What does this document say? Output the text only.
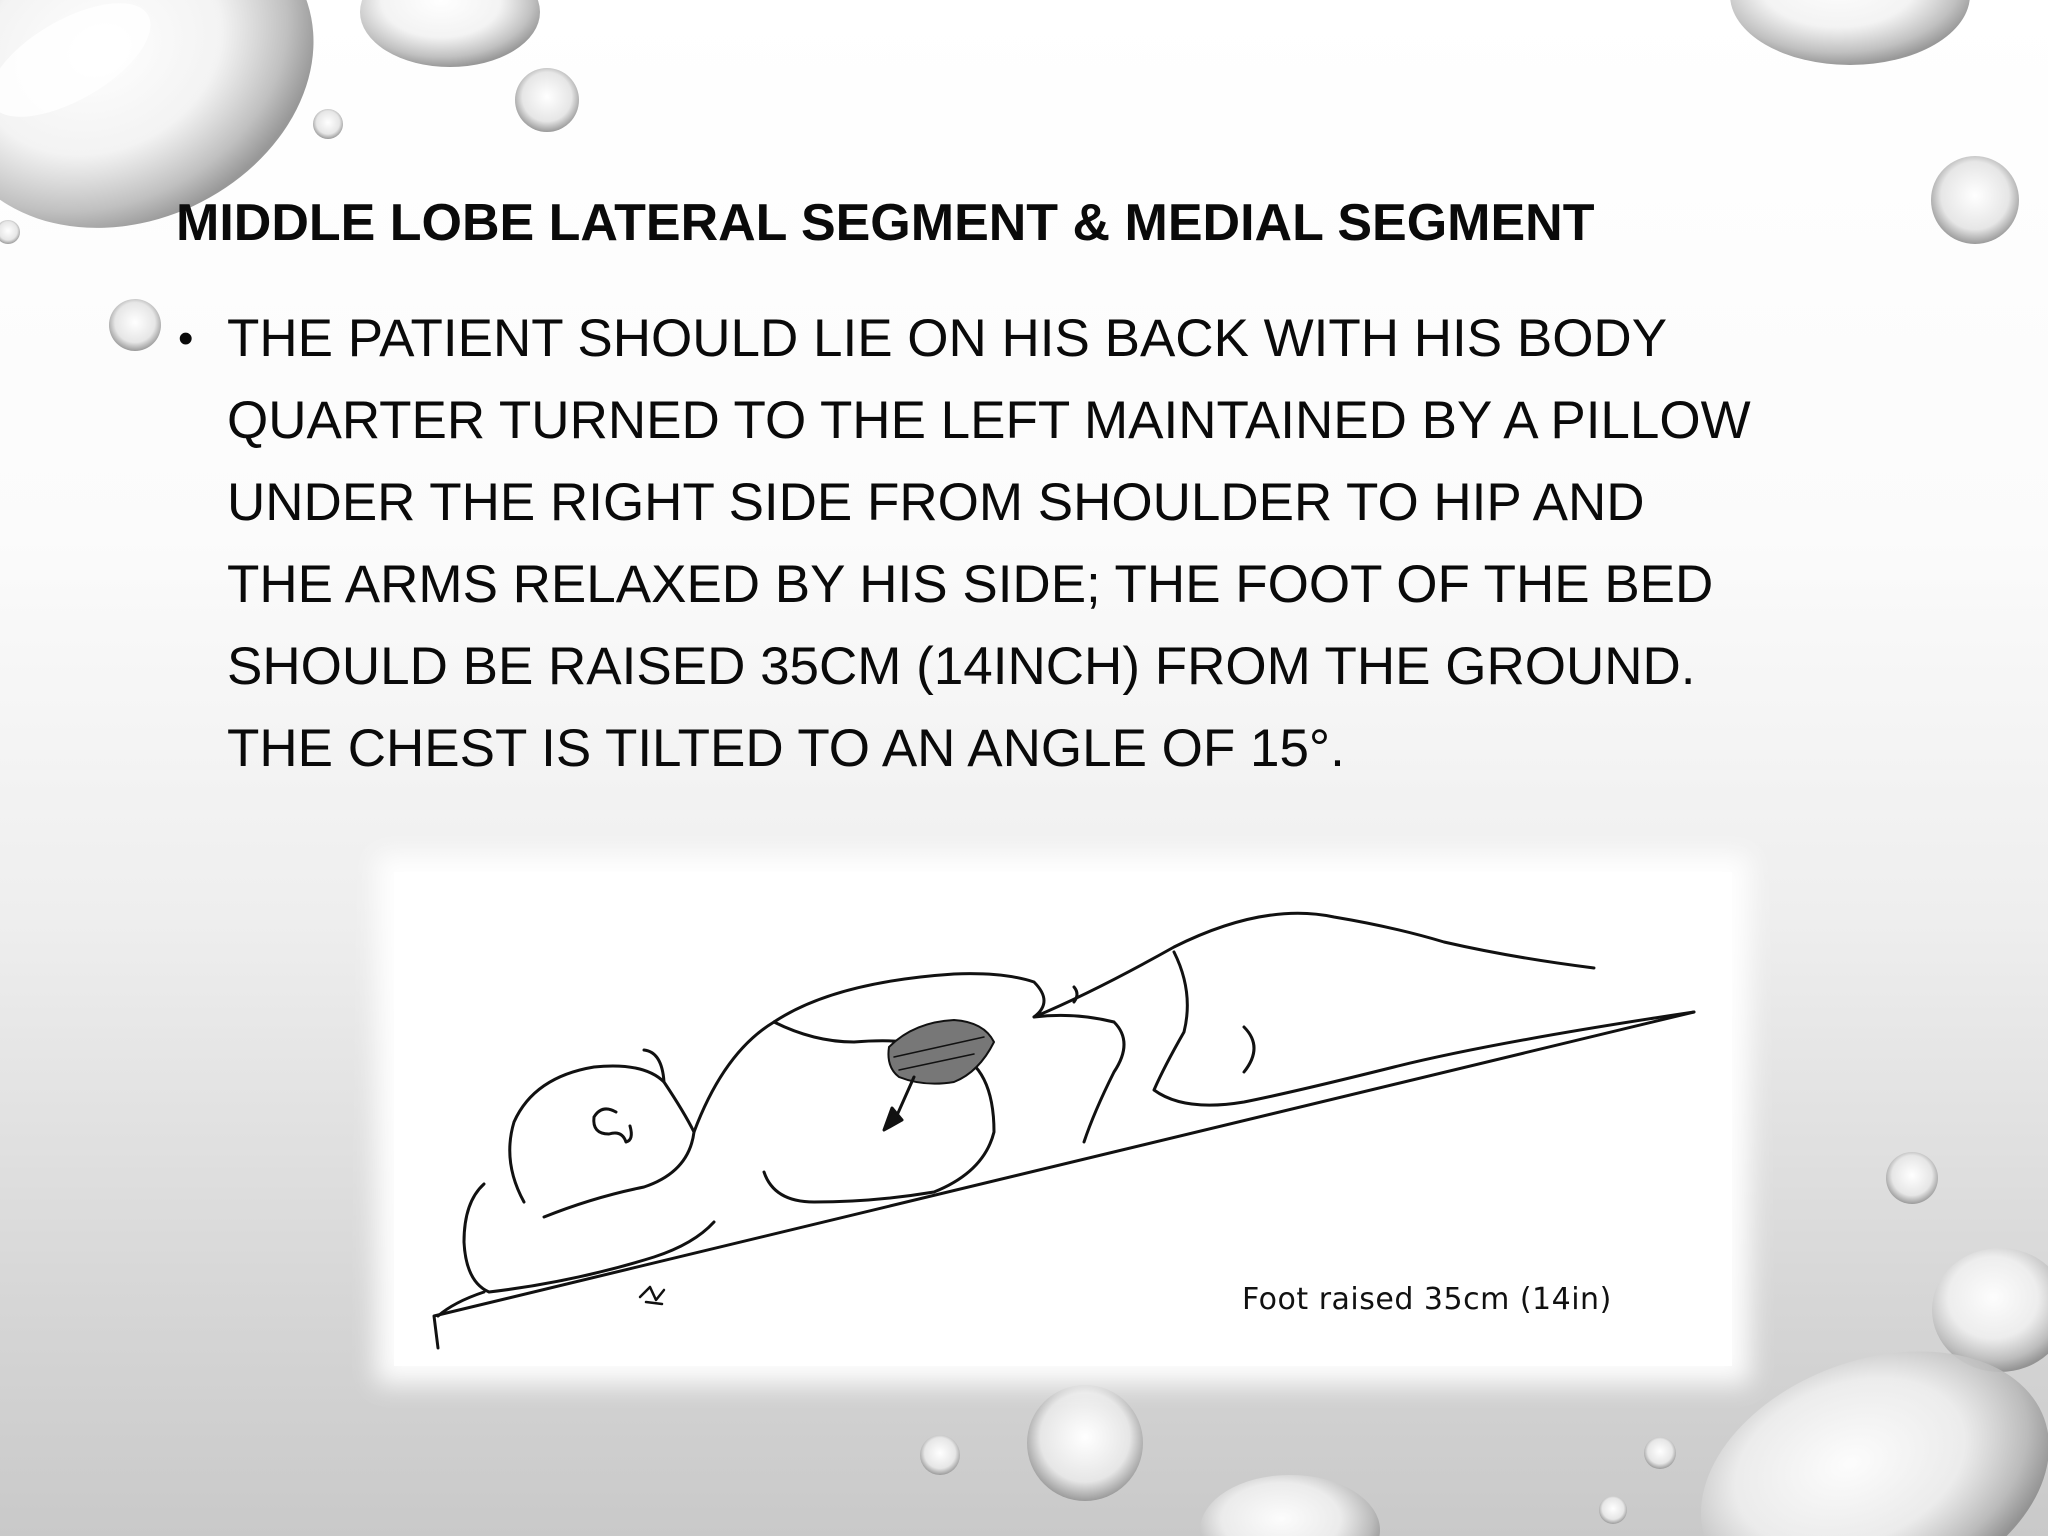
MIDDLE LOBE LATERAL SEGMENT & MEDIAL SEGMENT
• THE PATIENT SHOULD LIE ON HIS BACK WITH HIS BODY
QUARTER TURNED TO THE LEFT MAINTAINED BY A PILLOW
UNDER THE RIGHT SIDE FROM SHOULDER TO HIP AND
THE ARMS RELAXED BY HIS SIDE; THE FOOT OF THE BED
SHOULD BE RAISED 35CM (14INCH) FROM THE GROUND.
THE CHEST IS TILTED TO AN ANGLE OF 15°.
Foot raised 35cm (14in)
